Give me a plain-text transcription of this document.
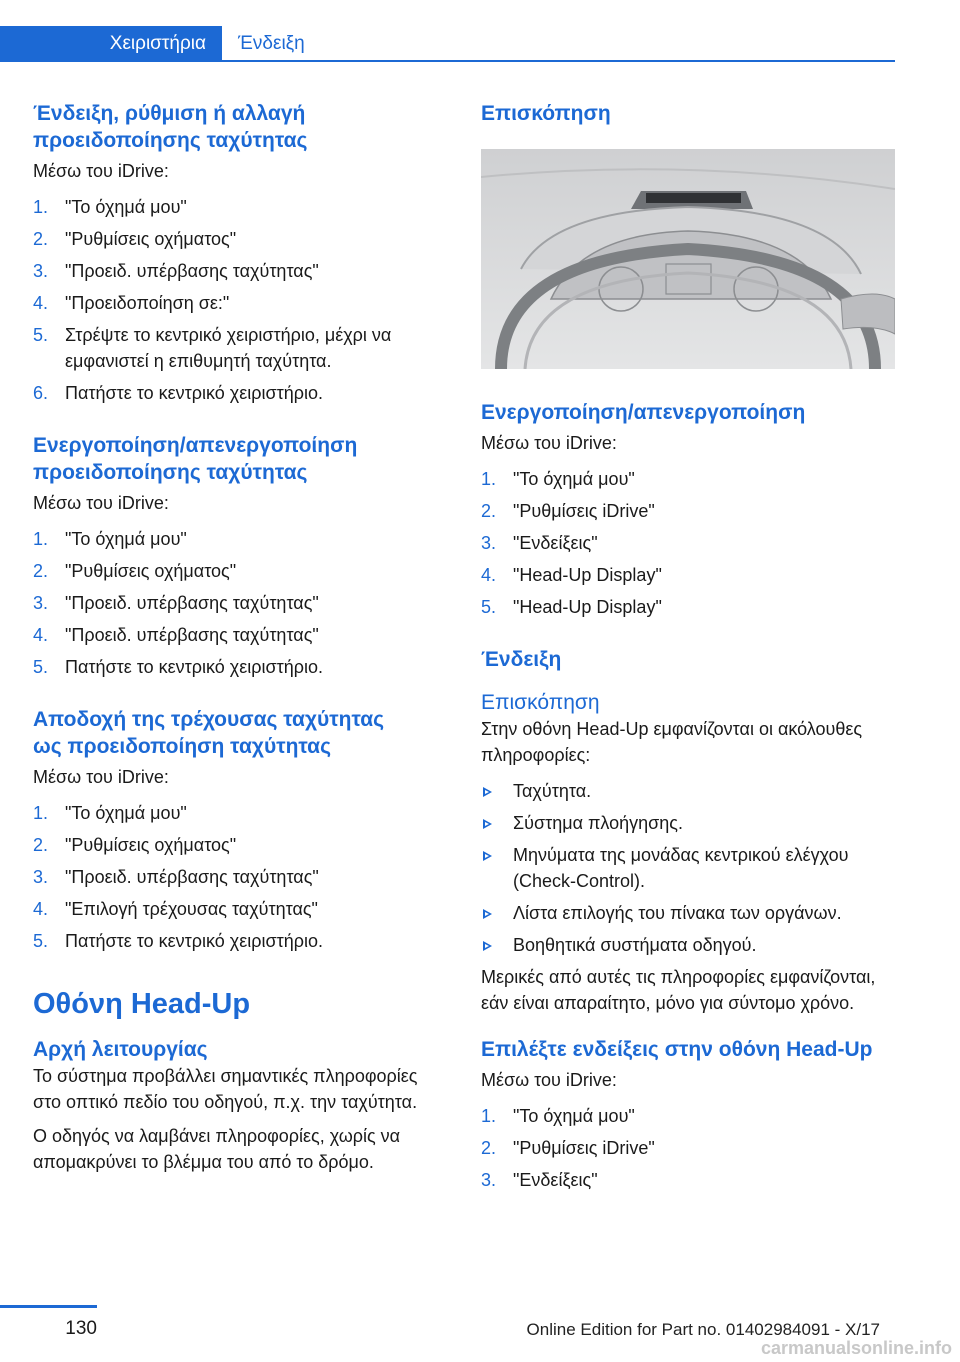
Χειριστήρια	Ένδειξη
Ένδειξη, ρύθμιση ή αλλαγή
προειδοποίησης ταχύτητας

Μέσω του iDrive:

1. "Το όχημά μου"
2. "Ρυθμίσεις οχήματος"
3. "Προειδ. υπέρβασης ταχύτητας"
4. "Προειδοποίηση σε:"
5. Στρέψτε το κεντρικό χειριστήριο, μέχρι να εμφανιστεί η επιθυμητή ταχύτητα.
6. Πατήστε το κεντρικό χειριστήριο.
Ενεργοποίηση/απενεργοποίηση
προειδοποίησης ταχύτητας

Μέσω του iDrive:

1. "Το όχημά μου"
2. "Ρυθμίσεις οχήματος"
3. "Προειδ. υπέρβασης ταχύτητας"
4. "Προειδ. υπέρβασης ταχύτητας"
5. Πατήστε το κεντρικό χειριστήριο.
Αποδοχή της τρέχουσας ταχύτητας
ως προειδοποίηση ταχύτητας

Μέσω του iDrive:

1. "Το όχημά μου"
2. "Ρυθμίσεις οχήματος"
3. "Προειδ. υπέρβασης ταχύτητας"
4. "Επιλογή τρέχουσας ταχύτητας"
5. Πατήστε το κεντρικό χειριστήριο.
Οθόνη Head-Up
Αρχή λειτουργίας

Το σύστημα προβάλλει σημαντικές πληροφορίες στο οπτικό πεδίο του οδηγού, π.χ. την ταχύτητα.

Ο οδηγός να λαμβάνει πληροφορίες, χωρίς να απομακρύνει το βλέμμα του από το δρόμο.

Επισκόπηση
Ενεργοποίηση/απενεργοποίηση

Μέσω του iDrive:

1. "Το όχημά μου"
2. "Ρυθμίσεις iDrive"
3. "Ενδείξεις"
4. "Head-Up Display"
5. "Head-Up Display"
Ένδειξη
Επισκόπηση

Στην οθόνη Head-Up εμφανίζονται οι ακόλουθες πληροφορίες:

Ταχύτητα.
Σύστημα πλοήγησης.
Μηνύματα της μονάδας κεντρικού ελέγχου (Check-Control).
Λίστα επιλογής του πίνακα των οργάνων.
Βοηθητικά συστήματα οδηγού.

Μερικές από αυτές τις πληροφορίες εμφανίζονται, εάν είναι απαραίτητο, μόνο για σύντομο χρόνο.

Επιλέξτε ενδείξεις στην οθόνη Head-Up

Μέσω του iDrive:

1. "Το όχημά μου"
2. "Ρυθμίσεις iDrive"
3. "Ενδείξεις"
130	Online Edition for Part no. 01402984091 - X/17
carmanualsonline.info
